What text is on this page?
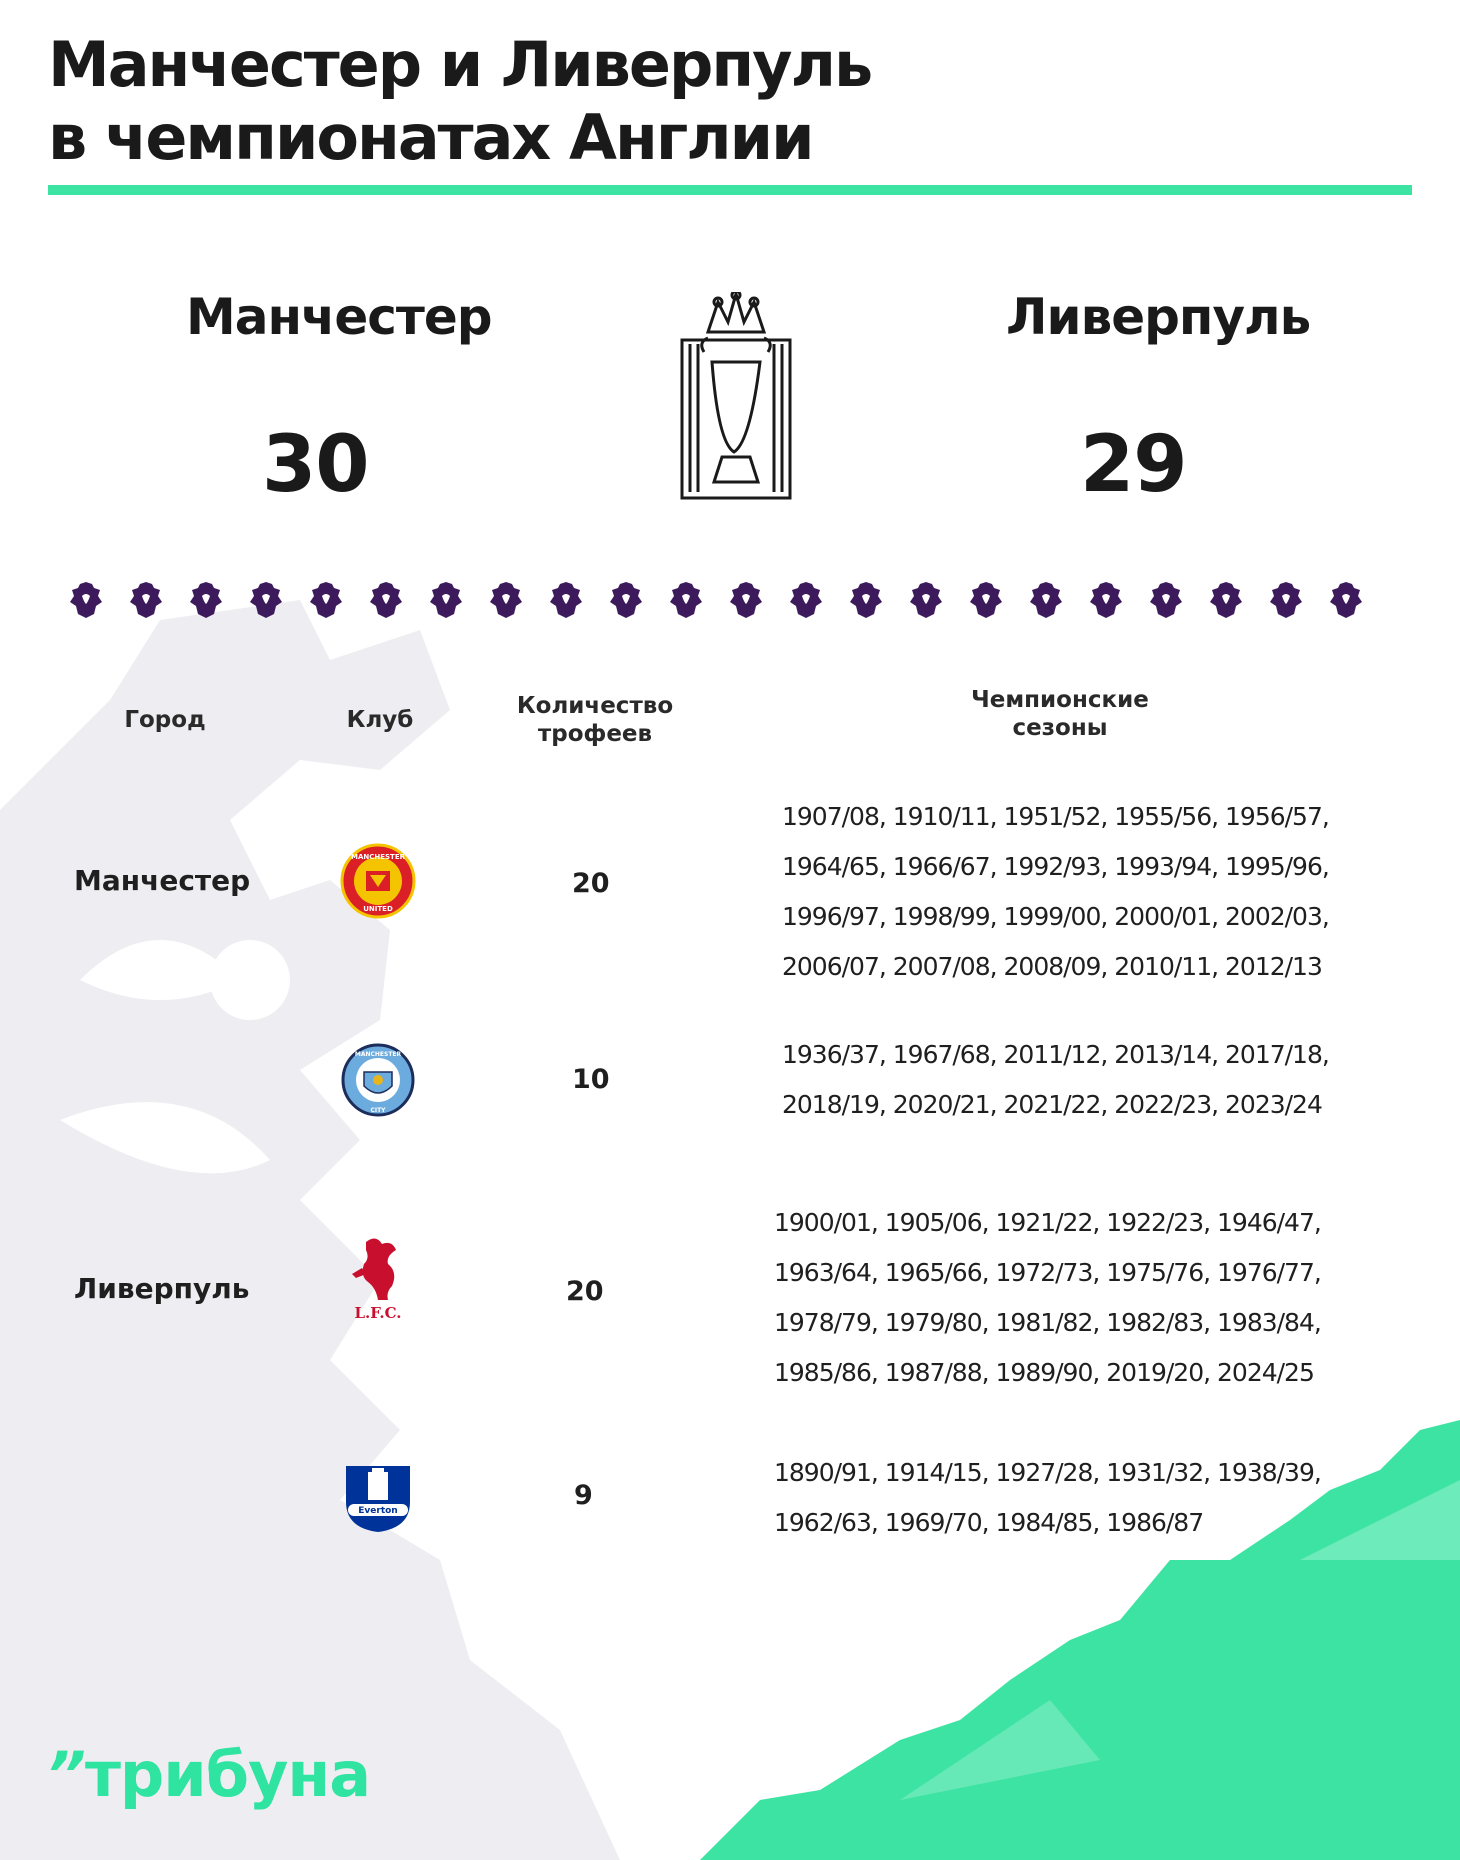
Манчестер и Ливерпуль
в чемпионатах Англии
Манчестер
30
Ливерпуль
29
Город	Клуб
Количество трофеев
Чемпионские сезоны
Манчестер
MANCHESTER
UNITED
20
1907/08, 1910/11, 1951/52, 1955/56, 1956/57, 1964/65, 1966/67, 1992/93, 1993/94, 1995/96, 1996/97, 1998/99, 1999/00, 2000/01, 2002/03, 2006/07, 2007/08, 2008/09, 2010/11, 2012/13
MANCHESTER
CITY
10
1936/37, 1967/68, 2011/12, 2013/14, 2017/18, 2018/19, 2020/21, 2021/22, 2022/23, 2023/24
Ливерпуль
L.F.C.
20
1900/01, 1905/06, 1921/22, 1922/23, 1946/47, 1963/64, 1965/66, 1972/73, 1975/76, 1976/77, 1978/79, 1979/80, 1981/82, 1982/83, 1983/84, 1985/86, 1987/88, 1989/90, 2019/20, 2024/25
Everton	9
1890/91, 1914/15, 1927/28, 1931/32, 1938/39, 1962/63, 1969/70, 1984/85, 1986/87
”трибуна
